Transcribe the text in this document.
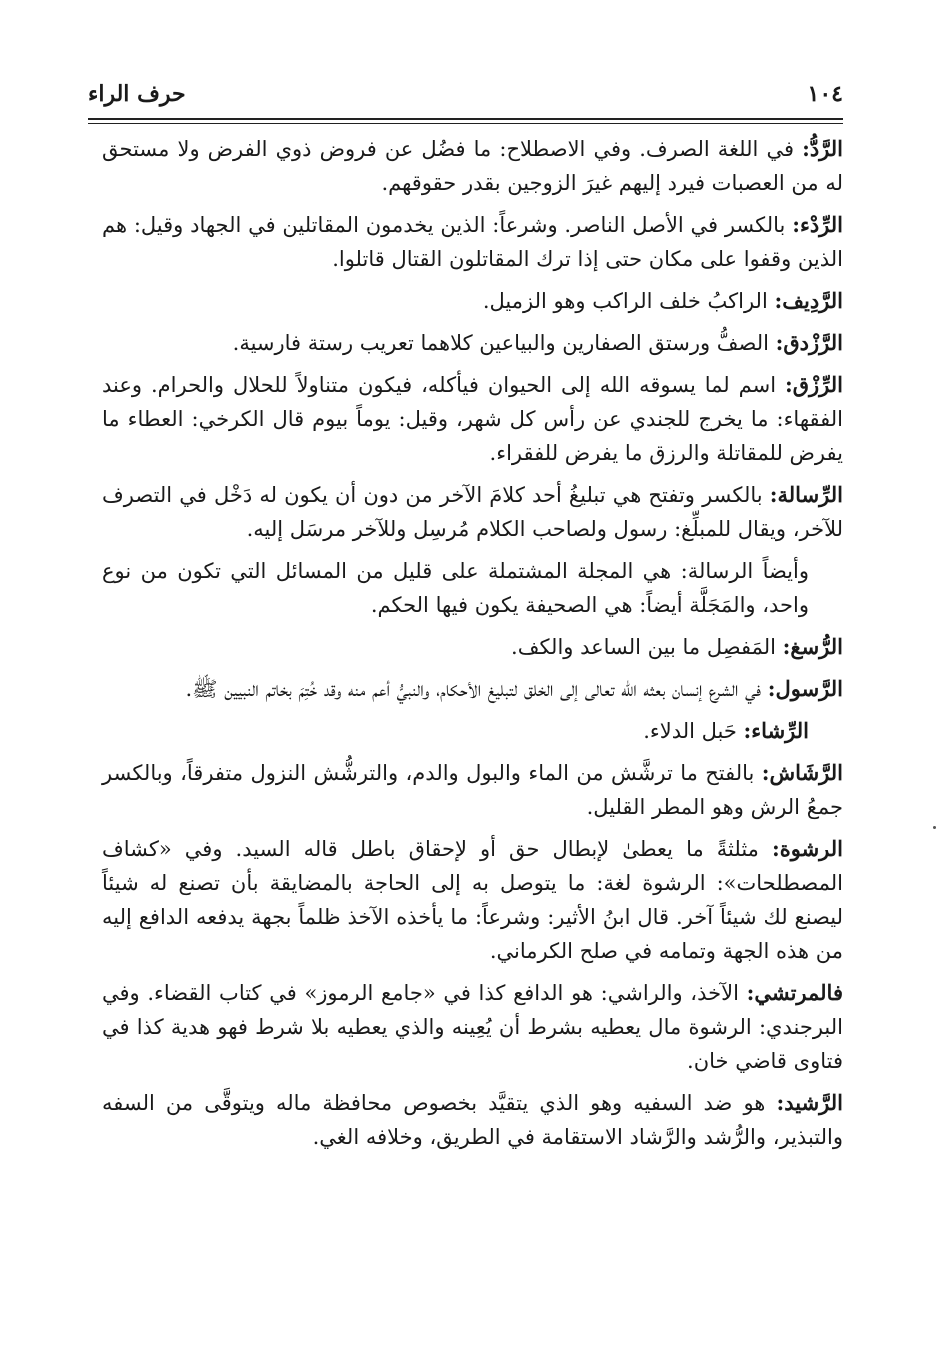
١٠٤
حرف الراء

الرَّدُّ: في اللغة الصرف. وفي الاصطلاح: ما فضُل عن فروض ذوي الفرض ولا مستحق له من العصبات فيرد إليهم غيرَ الزوجين بقدر حقوقهم.

الرِّدْء: بالكسر في الأصل الناصر. وشرعاً: الذين يخدمون المقاتلين في الجهاد وقيل: هم الذين وقفوا على مكان حتى إذا ترك المقاتلون القتال قاتلوا.

الرَّدِيف: الراكبُ خلف الراكب وهو الزميل.

الرَّزْدق: الصفُّ ورستق الصفارين والبياعين كلاهما تعريب رستة فارسية.

الرِّزْق: اسم لما يسوقه الله إلى الحيوان فيأكله، فيكون متناولاً للحلال والحرام. وعند الفقهاء: ما يخرج للجندي عن رأس كل شهر، وقيل: يوماً بيوم قال الكرخي: العطاء ما يفرض للمقاتلة والرزق ما يفرض للفقراء.

الرِّسالة: بالكسر وتفتح هي تبليغُ أحد كلامَ الآخر من دون أن يكون له دَخْل في التصرف للآخر، ويقال للمبلِّغ: رسول ولصاحب الكلام مُرسِل وللآخر مرسَل إليه.

وأيضاً الرسالة: هي المجلة المشتملة على قليل من المسائل التي تكون من نوع واحد، والمَجَلَّة أيضاً: هي الصحيفة يكون فيها الحكم.

الرُّسغ: المَفصِل ما بين الساعد والكف.

الرَّسول: في الشرع إنسان بعثه الله تعالى إلى الخلق لتبليغ الأحكام، والنبيُّ أعم منه وقد خُتِمَ بخاتم النبيين ﷺ.

الرِّشاء: حَبل الدلاء.

الرَّشَاش: بالفتح ما ترشَّش من الماء والبول والدم، والترشُّش النزول متفرقاً، وبالكسر جمعُ الرش وهو المطر القليل.

الرشوة: مثلثةً ما يعطىٰ لإبطال حق أو لإحقاق باطل قاله السيد. وفي «كشاف المصطلحات»: الرشوة لغة: ما يتوصل به إلى الحاجة بالمضايقة بأن تصنع له شيئاً ليصنع لك شيئاً آخر. قال ابنُ الأثير: وشرعاً: ما يأخذه الآخذ ظلماً بجهة يدفعه الدافع إليه من هذه الجهة وتمامه في صلح الكرماني.

فالمرتشي: الآخذ، والراشي: هو الدافع كذا في «جامع الرموز» في كتاب القضاء. وفي البرجندي: الرشوة مال يعطيه بشرط أن يُعِينه والذي يعطيه بلا شرط فهو هدية كذا في فتاوى قاضي خان.

الرَّشيد: هو ضد السفيه وهو الذي يتقيَّد بخصوص محافظة ماله ويتوقَّى من السفه والتبذير، والرُّشد والرَّشاد الاستقامة في الطريق، وخلافه الغي.
